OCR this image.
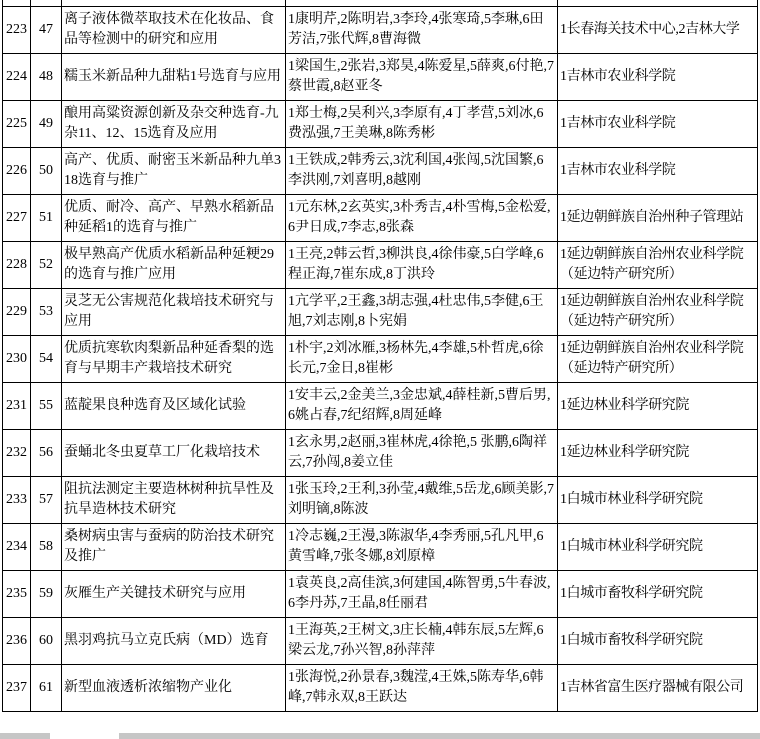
223	47	离子液体微萃取技术在化妆品、食品等检测中的研究和应用	1康明芹,2陈明岩,3李玲,4张寒琦,5李琳,6田芳洁,7张代辉,8曹海微	1长春海关技术中心,2吉林大学
224	48	糯玉米新品种九甜粘1号选育与应用	1梁国生,2张岩,3郑昊,4陈爱星,5薛爽,6付艳,7蔡世霞,8赵亚冬	1吉林市农业科学院
225	49	酿用高粱资源创新及杂交种选育-九杂11、12、15选育及应用	1郑士梅,2吴利兴,3李原有,4丁孝营,5刘冰,6费泓强,7王美琳,8陈秀彬	1吉林市农业科学院
226	50	高产、优质、耐密玉米新品种九单318选育与推广	1王铁成,2韩秀云,3沈利国,4张闯,5沈国繁,6李洪刚,7刘喜明,8越刚	1吉林市农业科学院
227	51	优质、耐冷、高产、早熟水稻新品种延稻1的选育与推广	1元东林,2玄英实,3朴秀吉,4朴雪梅,5金松爱,6尹日成,7李志,8张森	1延边朝鲜族自治州种子管理站
228	52	极早熟高产优质水稻新品种延粳29的选育与推广应用	1王亮,2韩云哲,3柳洪良,4徐伟豪,5白学峰,6程正海,7崔东成,8丁洪玲	1延边朝鲜族自治州农业科学院（延边特产研究所）
229	53	灵芝无公害规范化栽培技术研究与应用	1亢学平,2王鑫,3胡志强,4杜忠伟,5李健,6王旭,7刘志刚,8卜宪娟	1延边朝鲜族自治州农业科学院（延边特产研究所）
230	54	优质抗寒软肉梨新品种延香梨的选育与早期丰产栽培技术研究	1朴宇,2刘冰雁,3杨林先,4李雄,5朴哲虎,6徐长元,7金日,8崔彬	1延边朝鲜族自治州农业科学院（延边特产研究所）
231	55	蓝靛果良种选育及区域化试验	1安丰云,2金美兰,3金忠斌,4薛桂新,5曹后男,6姚占春,7纪绍辉,8周延峰	1延边林业科学研究院
232	56	蚕蛹北冬虫夏草工厂化栽培技术	1玄永男,2赵丽,3崔林虎,4徐艳,5 张鹏,6陶祥云,7孙闯,8姜立佳	1延边林业科学研究院
233	57	阻抗法测定主要造林树种抗旱性及抗旱造林技术研究	1张玉玲,2王利,3孙莹,4戴维,5岳龙,6顾美影,7刘明镝,8陈波	1白城市林业科学研究院
234	58	桑树病虫害与蚕病的防治技术研究及推广	1冷志巍,2王漫,3陈淑华,4李秀丽,5孔凡甲,6黄雪峰,7张冬娜,8刘原樟	1白城市林业科学研究院
235	59	灰雁生产关键技术研究与应用	1袁英良,2高佳滨,3何建国,4陈智勇,5牛春波,6李丹苏,7王晶,8任丽君	1白城市畜牧科学研究院
236	60	黑羽鸡抗马立克氏病（MD）选育	1王海英,2王树文,3庄长楠,4韩东辰,5左辉,6梁云龙,7孙兴智,8孙萍萍	1白城市畜牧科学研究院
237	61	新型血液透析浓缩物产业化	1张海悦,2孙景春,3魏滢,4王姝,5陈寿华,6韩峰,7韩永双,8王跃达	1吉林省富生医疗器械有限公司
